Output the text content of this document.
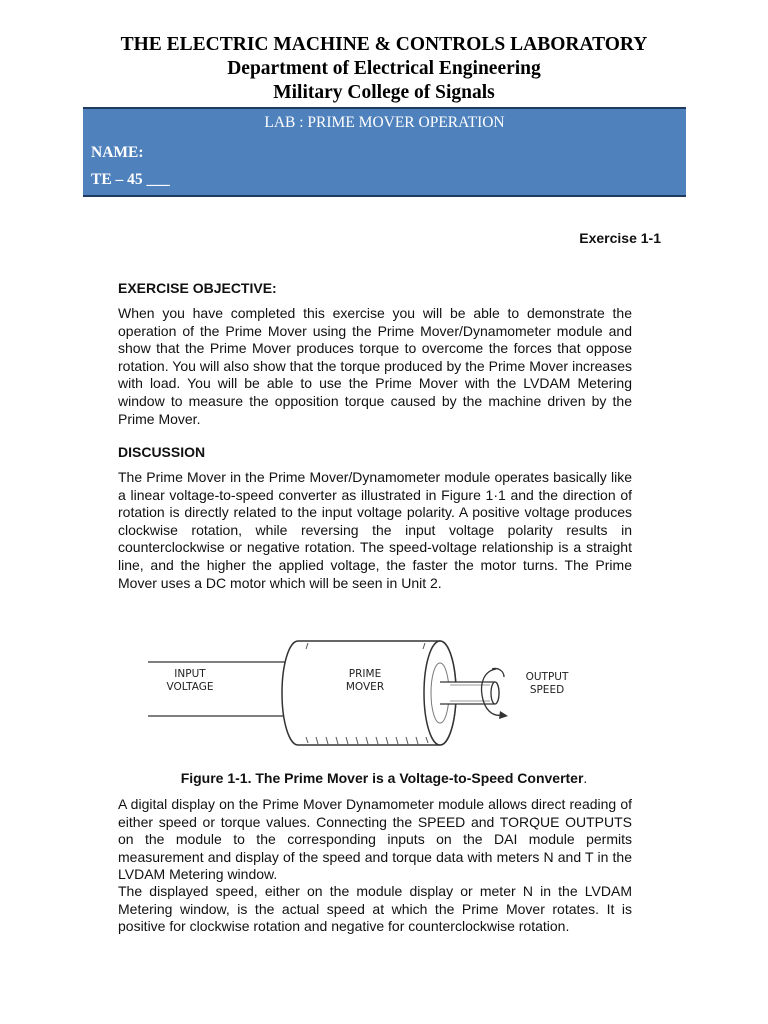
THE ELECTRIC MACHINE & CONTROLS LABORATORY
Department of Electrical Engineering
Military College of Signals
LAB : PRIME MOVER OPERATION
NAME:
TE – 45 ___
Exercise 1-1
EXERCISE OBJECTIVE:
When you have completed this exercise you will be able to demonstrate the operation of the Prime Mover using the Prime Mover/Dynamometer module and show that the Prime Mover produces torque to overcome the forces that oppose rotation. You will also show that the torque produced by the Prime Mover increases with load. You will be able to use the Prime Mover with the LVDAM Metering window to measure the opposition torque caused by the machine driven by the Prime Mover.
DISCUSSION
The Prime Mover in the Prime Mover/Dynamometer module operates basically like a linear voltage-to-speed converter as illustrated in Figure 1·1 and the direction of rotation is directly related to the input voltage polarity. A positive voltage produces clockwise rotation, while reversing the input voltage polarity results in counterclockwise or negative rotation. The speed-voltage relationship is a straight line, and the higher the applied voltage, the faster the motor turns. The Prime Mover uses a DC motor which will be seen in Unit 2.
INPUT
VOLTAGE
PRIME
MOVER
OUTPUT
SPEED
Figure 1-1. The Prime Mover is a Voltage-to-Speed Converter.
A digital display on the Prime Mover Dynamometer module allows direct reading of either speed or torque values. Connecting the SPEED and TORQUE OUTPUTS on the module to the corresponding inputs on the DAI module permits measurement and display of the speed and torque data with meters N and T in the LVDAM Metering window.
The displayed speed, either on the module display or meter N in the LVDAM Metering window, is the actual speed at which the Prime Mover rotates. It is positive for clockwise rotation and negative for counterclockwise rotation.
